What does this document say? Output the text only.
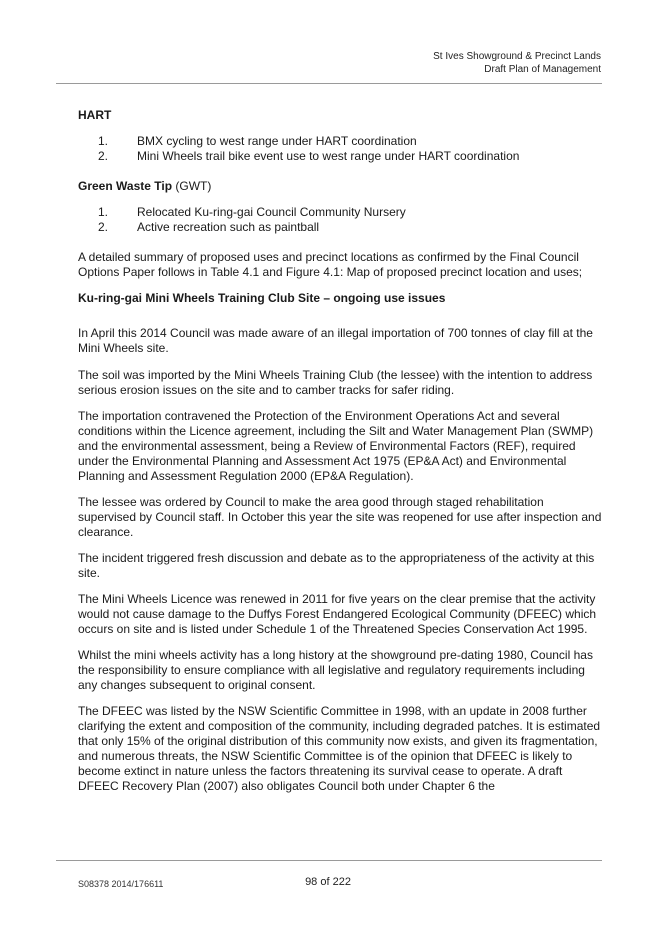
St Ives Showground & Precinct Lands
Draft Plan of Management
HART
1.	BMX cycling to west range under HART coordination
2.	Mini Wheels trail bike event use to west range under HART coordination
Green Waste Tip (GWT)
1.	Relocated Ku-ring-gai Council Community Nursery
2.	Active recreation such as paintball

A detailed summary of proposed uses and precinct locations as confirmed by the Final Council Options Paper follows in Table 4.1 and Figure 4.1: Map of proposed precinct location and uses;

Ku-ring-gai Mini Wheels Training Club Site – ongoing use issues

In April this 2014 Council was made aware of an illegal importation of 700 tonnes of clay fill at the Mini Wheels site.

The soil was imported by the Mini Wheels Training Club (the lessee) with the intention to address serious erosion issues on the site and to camber tracks for safer riding.

The importation contravened the Protection of the Environment Operations Act and several conditions within the Licence agreement, including the Silt and Water Management Plan (SWMP) and the environmental assessment, being a Review of Environmental Factors (REF), required under the Environmental Planning and Assessment Act 1975 (EP&A Act) and Environmental Planning and Assessment Regulation 2000 (EP&A Regulation).

The lessee was ordered by Council to make the area good through staged rehabilitation supervised by Council staff. In October this year the site was reopened for use after inspection and clearance.

The incident triggered fresh discussion and debate as to the appropriateness of the activity at this site.

The Mini Wheels Licence was renewed in 2011 for five years on the clear premise that the activity would not cause damage to the Duffys Forest Endangered Ecological Community (DFEEC) which occurs on site and is listed under Schedule 1 of the Threatened Species Conservation Act 1995.

Whilst the mini wheels activity has a long history at the showground pre-dating 1980, Council has the responsibility to ensure compliance with all legislative and regulatory requirements including any changes subsequent to original consent.

The DFEEC was listed by the NSW Scientific Committee in 1998, with an update in 2008 further clarifying the extent and composition of the community, including degraded patches. It is estimated that only 15% of the original distribution of this community now exists, and given its fragmentation, and numerous threats, the NSW Scientific Committee is of the opinion that DFEEC is likely to become extinct in nature unless the factors threatening its survival cease to operate. A draft DFEEC Recovery Plan (2007) also obligates Council both under Chapter 6 the

S08378 2014/176611	98 of 222
